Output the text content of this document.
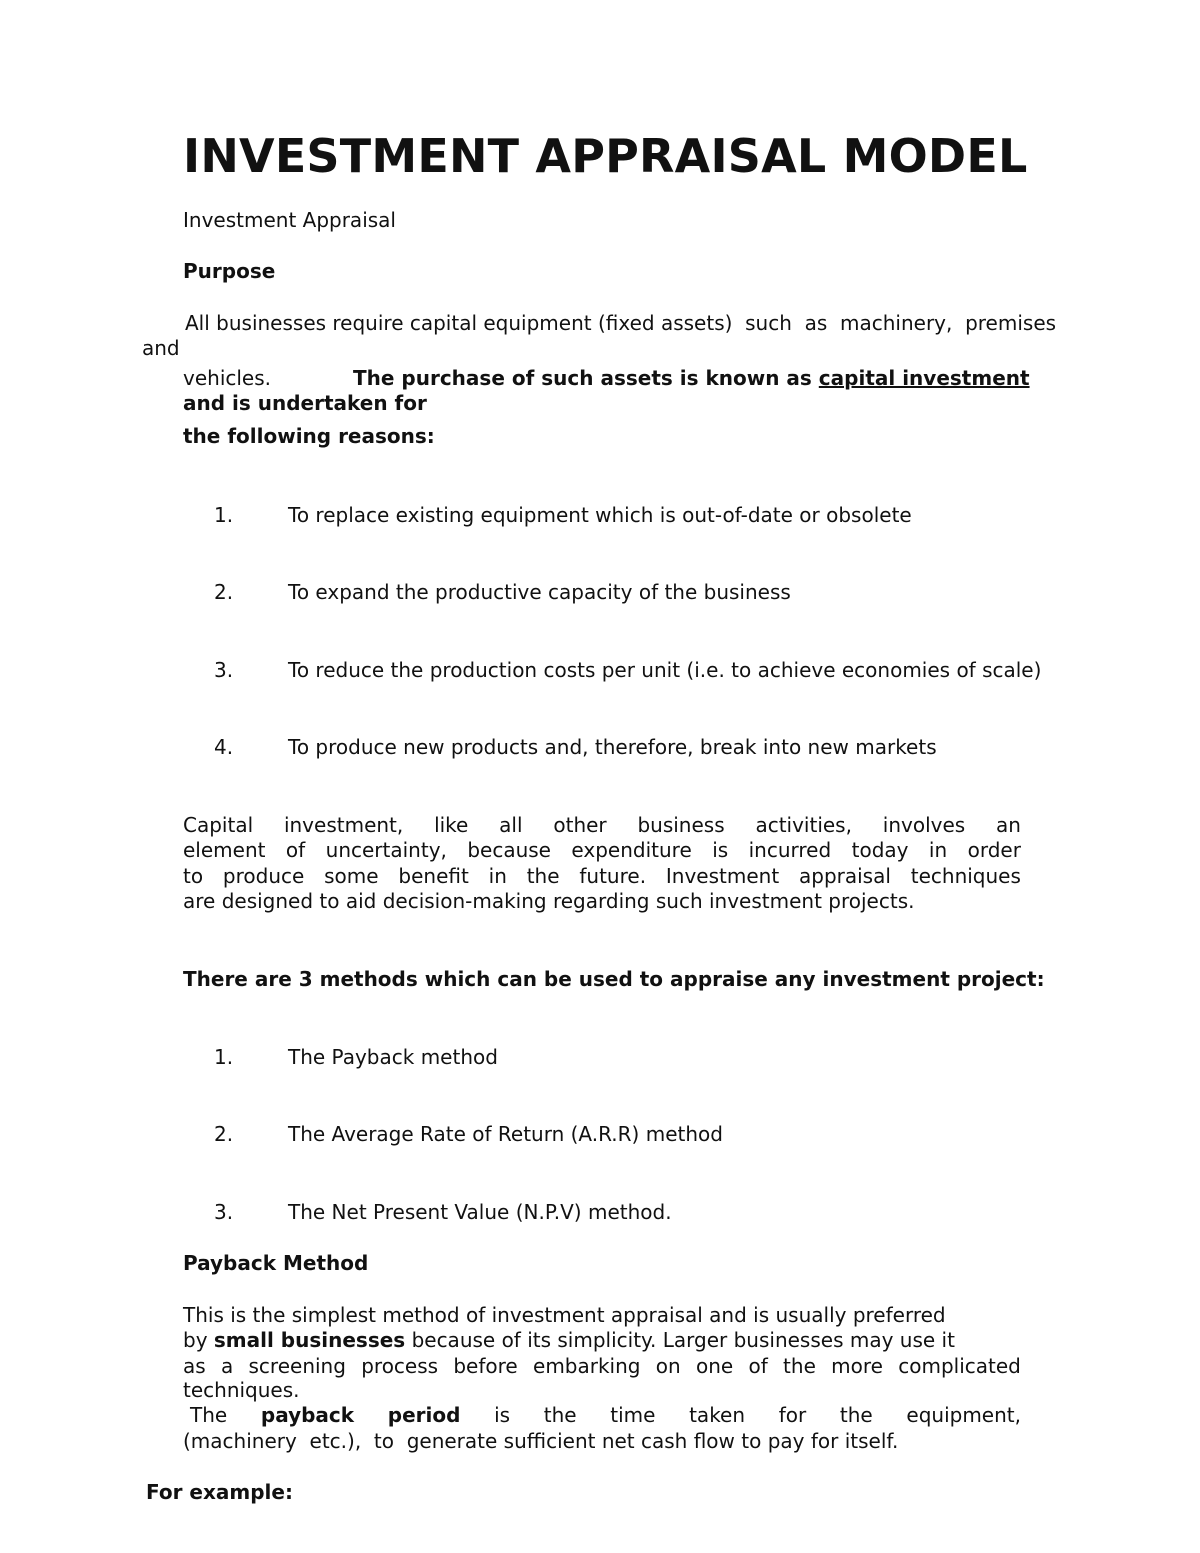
INVESTMENT APPRAISAL MODEL
Investment Appraisal
Purpose
All businesses require capital equipment (fixed assets)  such  as  machinery,  premises
and
vehicles.	The purchase of such assets is known as capital investment
and is undertaken for
the following reasons:
1.	To replace existing equipment which is out-of-date or obsolete
2.	To expand the productive capacity of the business
3.	To reduce the production costs per unit (i.e. to achieve economies of scale)
4.	To produce new products and, therefore, break into new markets
Capital investment, like all other business activities, involves an
element of uncertainty, because expenditure is incurred today in order
to produce some benefit in the future. Investment appraisal techniques
are designed to aid decision-making regarding such investment projects.
There are 3 methods which can be used to appraise any investment project:
1.	The Payback method
2.	The Average Rate of Return (A.R.R) method
3.	The Net Present Value (N.P.V) method.
Payback Method
This is the simplest method of investment appraisal and is usually preferred
by small businesses because of its simplicity. Larger businesses may use it
as a screening process before embarking on one of the more complicated
techniques.
The payback period is the time taken for the equipment,
(machinery  etc.),  to  generate sufficient net cash flow to pay for itself.
For example:
